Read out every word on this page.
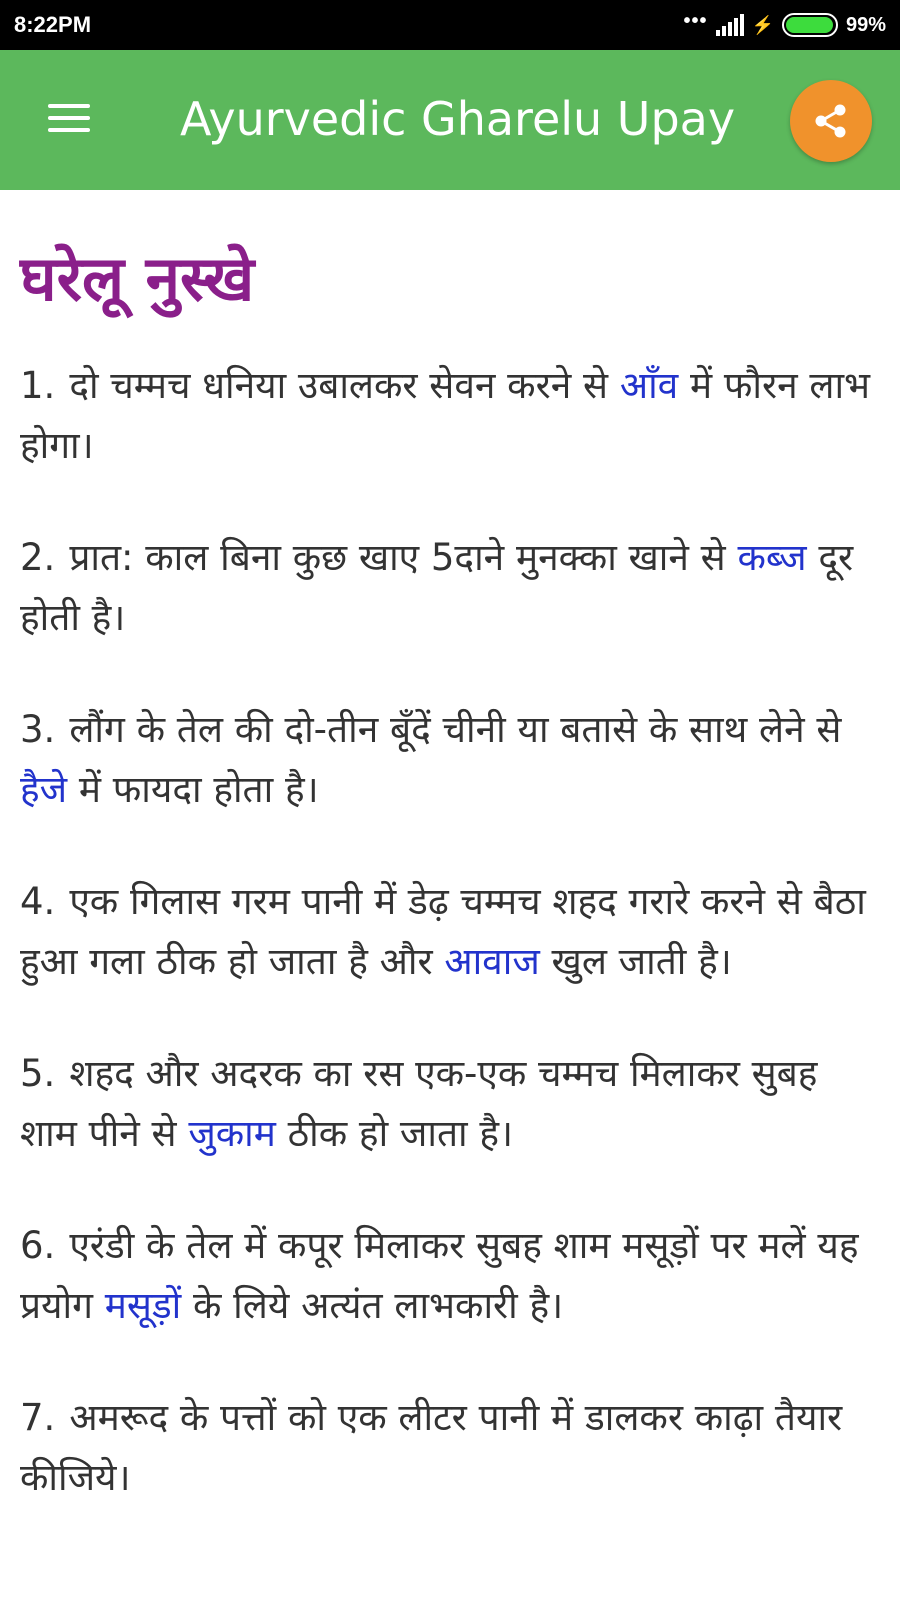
8:22PM	••• ⚡	99%
Ayurvedic Gharelu Upay
घरेलू नुस्खे

1. दो चम्मच धनिया उबालकर सेवन करने से आँव में फौरन लाभ होगा।

2. प्रात: काल बिना कुछ खाए 5दाने मुनक्का खाने से कब्ज दूर होती है।

3. लौंग के तेल की दो-तीन बूँदें चीनी या बतासे के साथ लेने से हैजे में फायदा होता है।

4. एक गिलास गरम पानी में डेढ़ चम्मच शहद गरारे करने से बैठा हुआ गला ठीक हो जाता है और आवाज खुल जाती है।

5. शहद और अदरक का रस एक-एक चम्मच मिलाकर सुबह शाम पीने से जुकाम ठीक हो जाता है।

6. एरंडी के तेल में कपूर मिलाकर सुबह शाम मसूड़ों पर मलें यह प्रयोग मसूड़ों के लिये अत्यंत लाभकारी है।

7. अमरूद के पत्तों को एक लीटर पानी में डालकर काढ़ा तैयार कीजिये।
